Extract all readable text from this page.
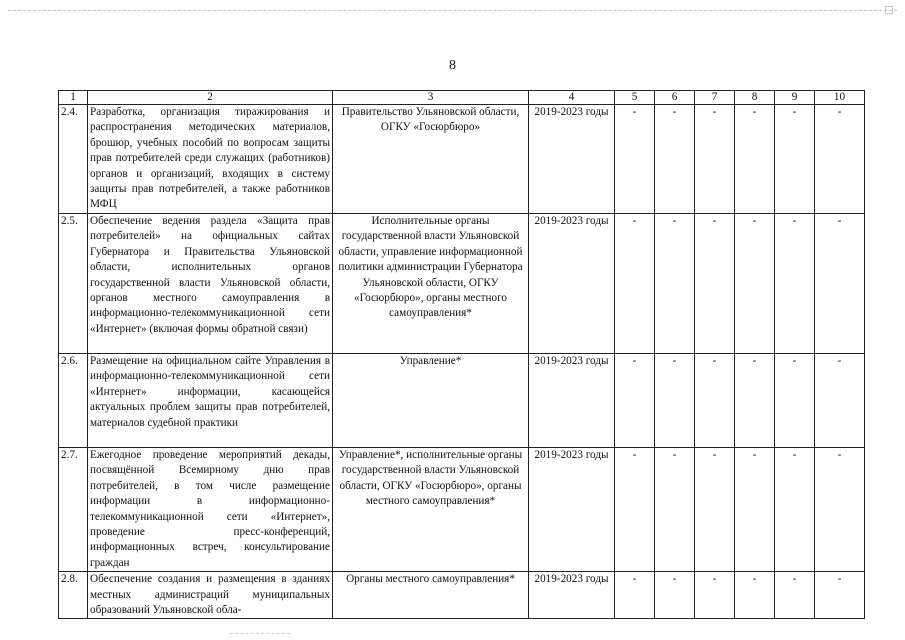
8
1	2	3	4	5	6	7	8	9	10
2.4.	Разработка, организация тиражирования и распространения методических материалов, брошюр, учебных пособий по вопросам защиты прав потребителей среди служащих (работников) органов и организаций, входящих в систему защиты прав потребителей, а также работников МФЦ	Правительство Ульяновской области, ОГКУ «Госюрбюро»	2019-2023 годы	-	-	-	-	-	-
2.5.	Обеспечение ведения раздела «Защита прав потребителей» на официальных сайтах Губернатора и Правительства Ульяновской области, исполнительных органов государственной власти Ульяновской области, органов местного самоуправления в информационно-телекоммуникационной сети «Интернет» (включая формы обратной связи)	Исполнительные органы государственной власти Ульяновской области, управление информационной политики администрации Губернатора Ульяновской области, ОГКУ «Госюрбюро», органы местного самоуправления*	2019-2023 годы	-	-	-	-	-	-
2.6.	Размещение на официальном сайте Управления в информационно-телекоммуникационной сети «Интернет» информации, касающейся актуальных проблем защиты прав потребителей, материалов судебной практики	Управление*	2019-2023 годы	-	-	-	-	-	-
2.7.	Ежегодное проведение мероприятий декады, посвящённой Всемирному дню прав потребителей, в том числе размещение информации в информационно-телекоммуникационной сети «Интернет», проведение пресс-конференций, информационных встреч, консультирование граждан	Управление*, исполнительные органы государственной власти Ульяновской области, ОГКУ «Госюрбюро», органы местного самоуправления*	2019-2023 годы	-	-	-	-	-	-
2.8.	Обеспечение создания и размещения в зданиях местных администраций муниципальных образований Ульяновской обла-	Органы местного самоуправления*	2019-2023 годы	-	-	-	-	-	-
